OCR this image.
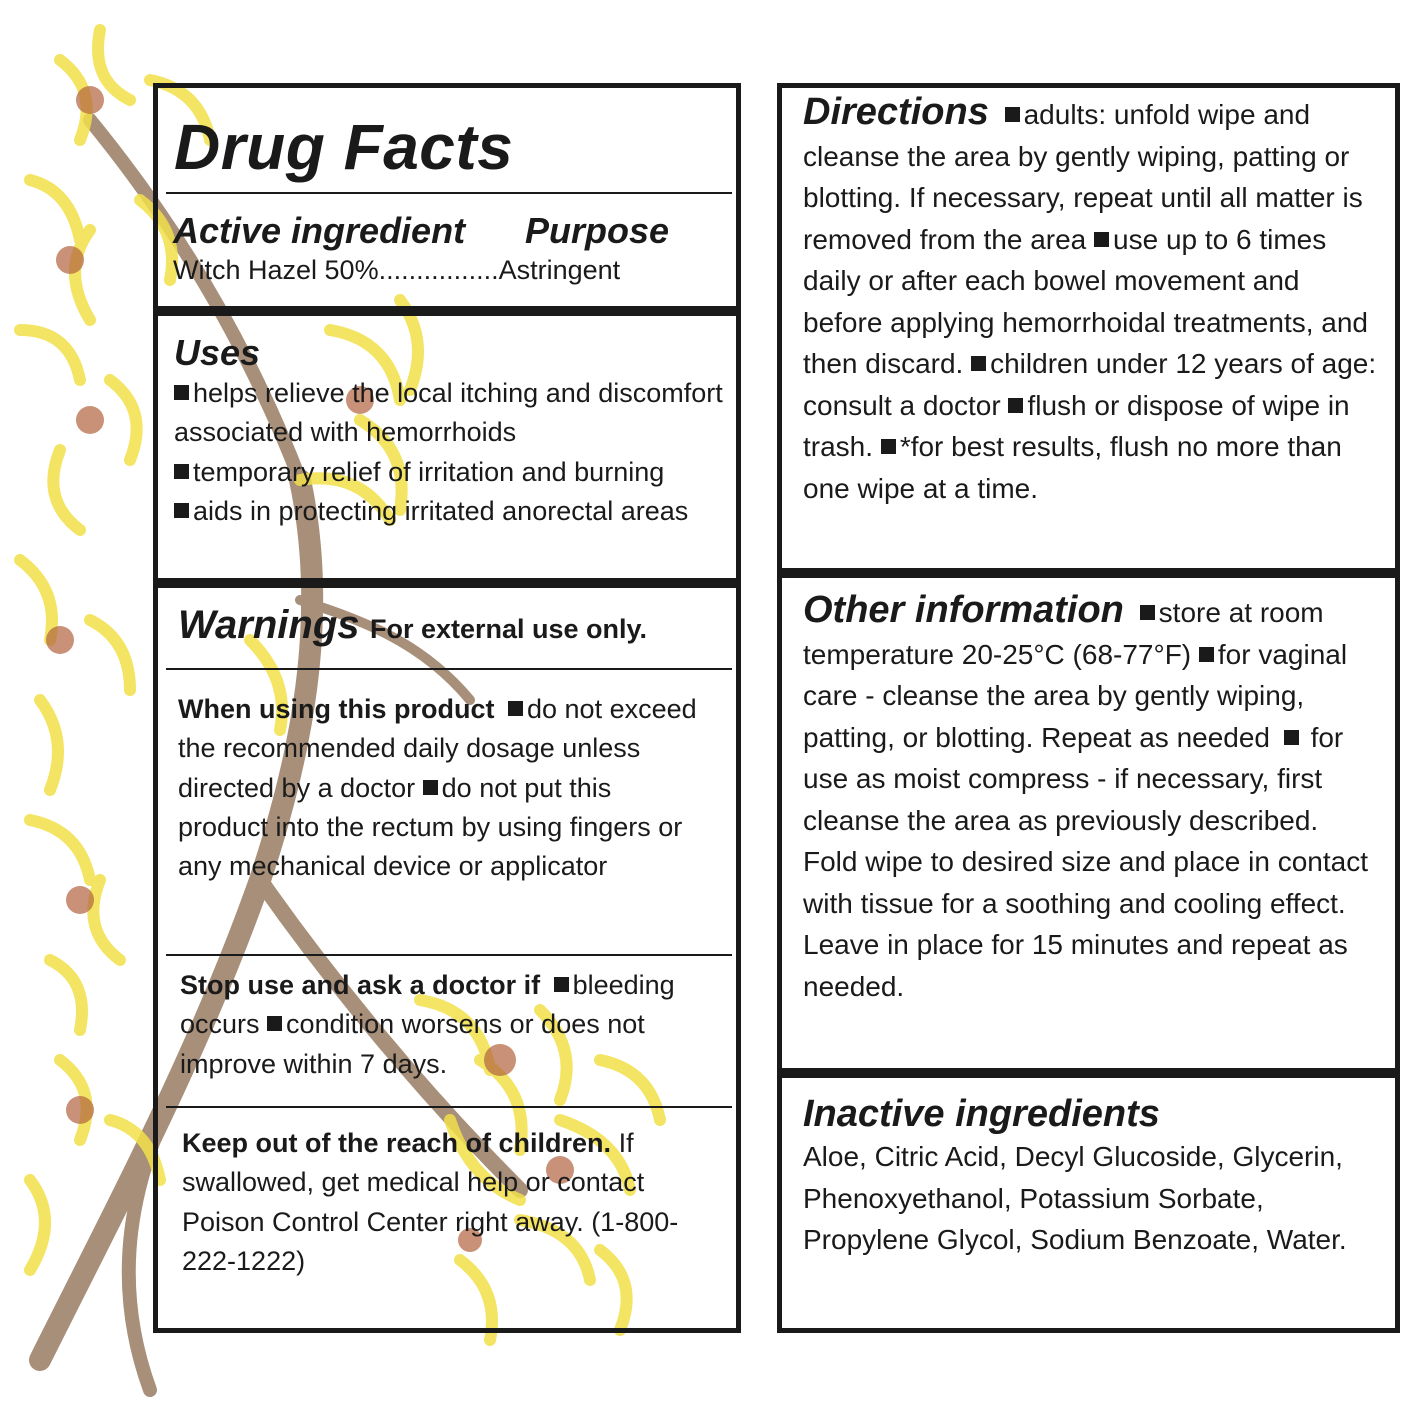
Drug Facts
Active ingredient Purpose
Witch Hazel 50%................Astringent
Uses
helps relieve the local itching and discomfort associated with hemorrhoids
temporary relief of irritation and burning
aids in protecting irritated anorectal areas
Warnings For external use only.
When using this product do not exceed the recommended daily dosage unless directed by a doctor do not put this product into the rectum by using fingers or any mechanical device or applicator
Stop use and ask a doctor if bleeding occurs condition worsens or does not improve within 7 days.
Keep out of the reach of children. If swallowed, get medical help or contact Poison Control Center right away. (1-800-222-1222)
Directions adults: unfold wipe and cleanse the area by gently wiping, patting or blotting. If necessary, repeat until all matter is removed from the area use up to 6 times daily or after each bowel movement and before applying hemorrhoidal treatments, and then discard. children under 12 years of age: consult a doctor flush or dispose of wipe in trash. *for best results, flush no more than one wipe at a time.
Other information store at room temperature 20-25°C (68-77°F) for vaginal care - cleanse the area by gently wiping, patting, or blotting. Repeat as needed  for use as moist compress - if necessary, first cleanse the area as previously described. Fold wipe to desired size and place in contact with tissue for a soothing and cooling effect. Leave in place for 15 minutes and repeat as needed.
Inactive ingredients
Aloe, Citric Acid, Decyl Glucoside, Glycerin, Phenoxyethanol, Potassium Sorbate, Propylene Glycol, Sodium Benzoate, Water.
